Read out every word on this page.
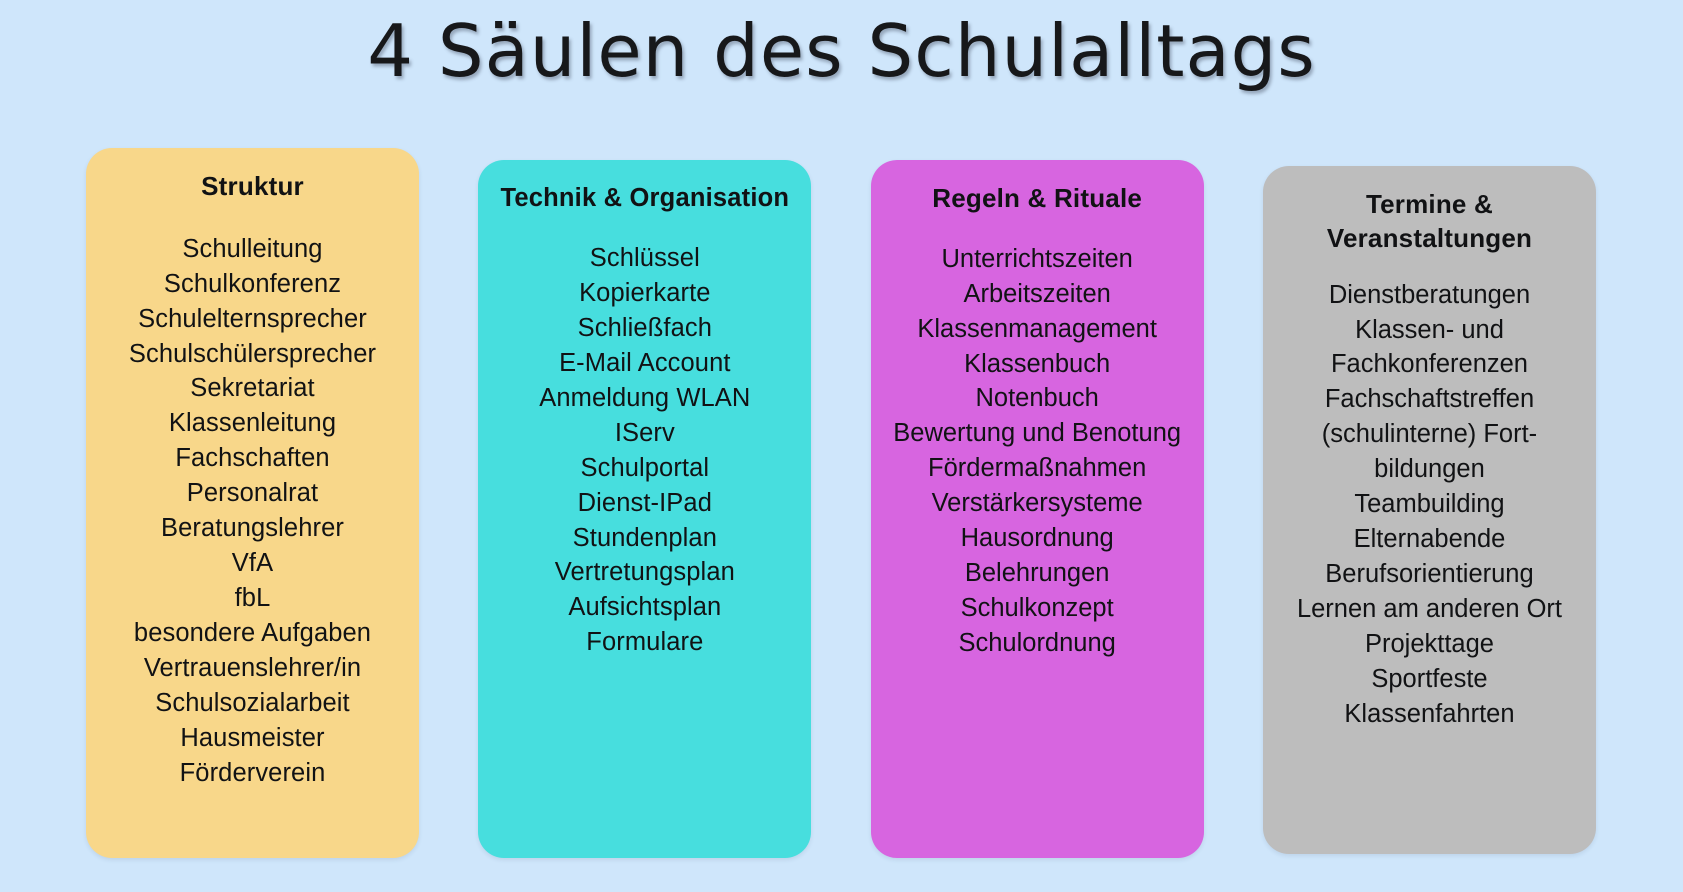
4 Säulen des Schulalltags
Struktur
Schulleitung
Schulkonferenz
Schulelternsprecher
Schulschülersprecher
Sekretariat
Klassenleitung
Fachschaften
Personalrat
Beratungslehrer
VfA
fbL
besondere Aufgaben
Vertrauenslehrer/in
Schulsozialarbeit
Hausmeister
Förderverein
Technik & Organisation
Schlüssel
Kopierkarte
Schließfach
E-Mail Account
Anmeldung WLAN
IServ
Schulportal
Dienst-IPad
Stundenplan
Vertretungsplan
Aufsichtsplan
Formulare
Regeln & Rituale
Unterrichtszeiten
Arbeitszeiten
Klassenmanagement
Klassenbuch
Notenbuch
Bewertung und Benotung
Fördermaßnahmen
Verstärkersysteme
Hausordnung
Belehrungen
Schulkonzept
Schulordnung
Termine & Veranstaltungen
Dienstberatungen
Klassen- und
Fachkonferenzen
Fachschaftstreffen
(schulinterne) Fort-
bildungen
Teambuilding
Elternabende
Berufsorientierung
Lernen am anderen Ort
Projekttage
Sportfeste
Klassenfahrten
